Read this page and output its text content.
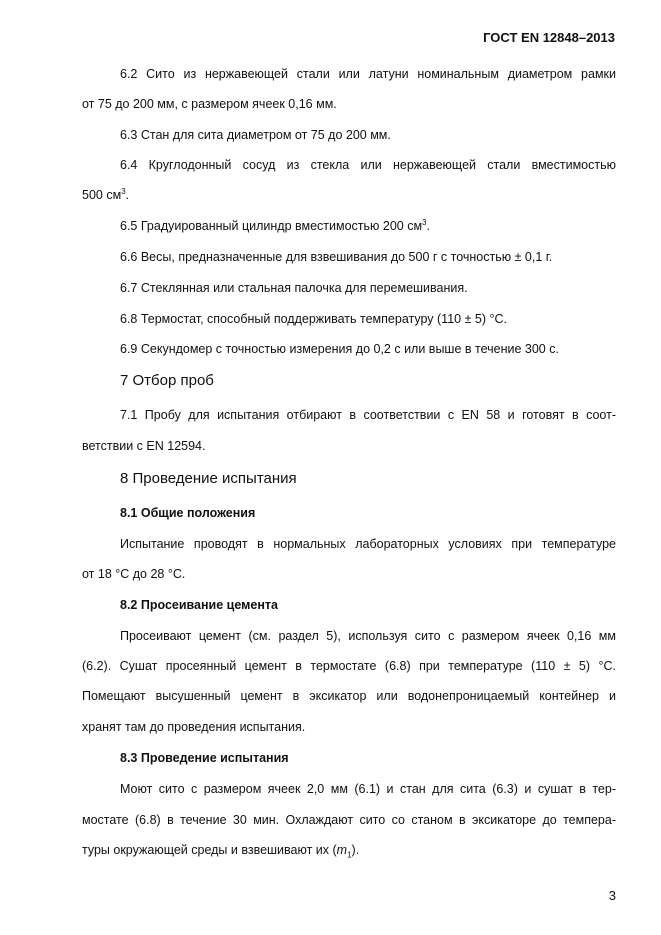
ГОСТ EN 12848–2013
6.2 Сито из нержавеющей стали или латуни номинальным диаметром рамки
от 75 до 200 мм, с размером ячеек 0,16 мм.
6.3 Стан для сита диаметром от 75 до 200 мм.
6.4 Круглодонный сосуд из стекла или нержавеющей стали вместимостью
500 $см^3$.
6.5 Градуированный цилиндр вместимостью 200 $см^3$.
6.6 Весы, предназначенные для взвешивания до 500 г с точностью ± 0,1 г.
6.7 Стеклянная или стальная палочка для перемешивания.
6.8 Термостат, способный поддерживать температуру (110 ± 5) °С.
6.9 Секундомер с точностью измерения до 0,2 с или выше в течение 300 с.
7 Отбор проб
7.1 Пробу для испытания отбирают в соответствии с EN 58 и готовят в соот-
ветствии с EN 12594.
8 Проведение испытания
8.1 Общие положения
Испытание проводят в нормальных лабораторных условиях при температуре
от 18 °С до 28 °С.
8.2 Просеивание цемента
Просеивают цемент (см. раздел 5), используя сито с размером ячеек 0,16 мм
(6.2). Сушат просеянный цемент в термостате (6.8) при температуре (110 ± 5) °С.
Помещают высушенный цемент в эксикатор или водонепроницаемый контейнер и
хранят там до проведения испытания.
8.3 Проведение испытания
Моют сито с размером ячеек 2,0 мм (6.1) и стан для сита (6.3) и сушат в тер-
мостате (6.8) в течение 30 мин. Охлаждают сито со станом в эксикаторе до темпера-
туры окружающей среды и взвешивают их $(m_1)$.
3
